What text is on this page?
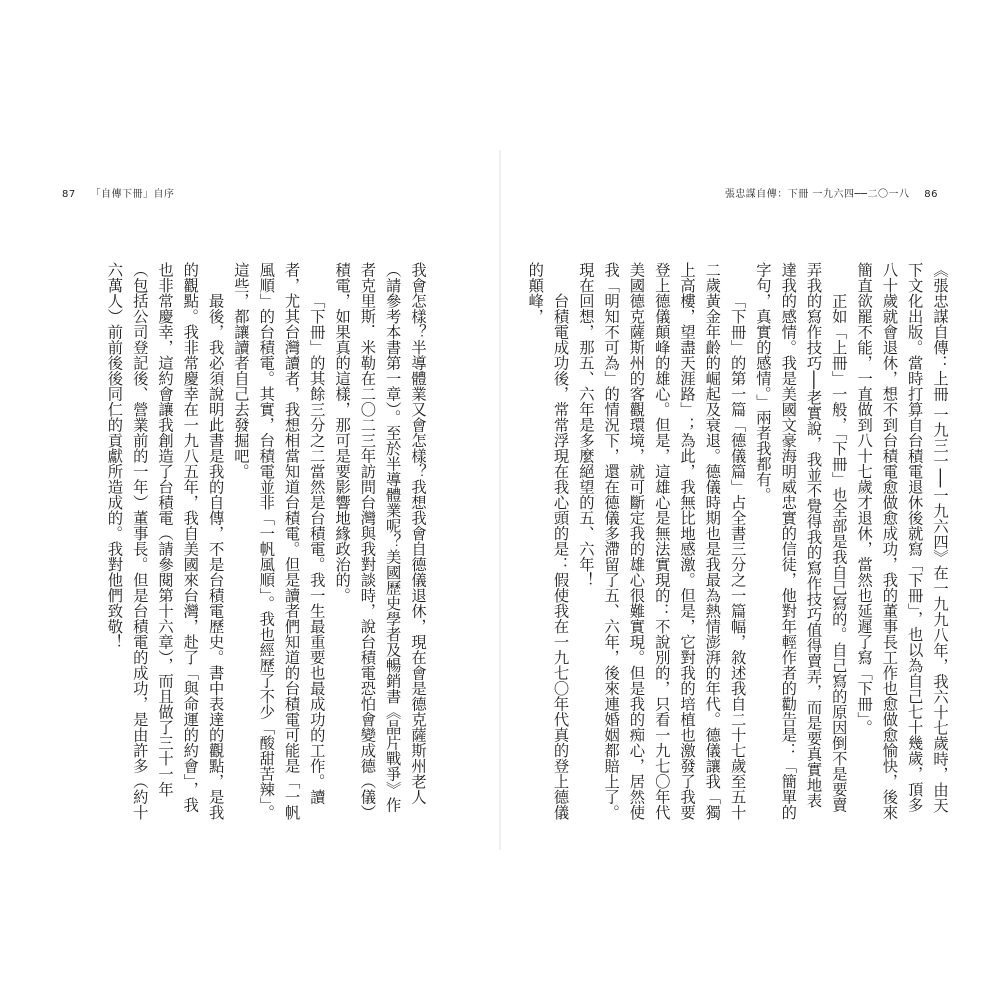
87 「自傳下冊」自序

我會怎樣？半導體業又會怎樣？我想我會自德儀退休，現在會是德克薩斯州老人（請參考本書第一章）。至於半導體業呢？美國歷史學者及暢銷書《晶片戰爭》作者克里斯．米勒在二〇二三年訪問台灣與我對談時，說台積電恐怕會變成德（儀）積電，如果真的這樣，那可是要影響地緣政治的。

「下冊」的其餘三分之二當然是台積電。我一生最重要也最成功的工作。讀者，尤其台灣讀者，我想相當知道台積電。但是讀者們知道的台積電可能是「一帆風順」的台積電。其實，台積電並非「一帆風順」。我也經歷了不少「酸甜苦辣」。這些，都讓讀者自己去發掘吧。

最後，我必須說明此書是我的自傳，不是台積電歷史。書中表達的觀點，是我的觀點。我非常慶幸在一九八五年，我自美國來台灣，赴了「與命運的約會」，我也非常慶幸，這約會讓我創造了台積電（請參閱第十六章），而且做了三十一年（包括公司登記後、營業前的一年）董事長。但是台積電的成功，是由許多（約十六萬人）前前後後同仁的貢獻所造成的。我對他們致敬！

張忠謀自傳：下冊 一九六四──二〇一八 86

《張忠謀自傳：上冊 一九三一──一九六四》在一九九八年，我六十七歲時，由天下文化出版。當時打算自台積電退休後就寫「下冊」，也以為自己七十幾歲，頂多八十歲就會退休，想不到台積電愈做愈成功，我的董事長工作也愈做愈愉快，後來簡直欲罷不能，一直做到八十七歲才退休，當然也延遲了寫「下冊」。

正如「上冊」一般，「下冊」也全部是我自己寫的。自己寫的原因倒不是要賣弄我的寫作技巧──老實說，我並不覺得我的寫作技巧值得賣弄，而是要真實地表達我的感情。我是美國文豪海明威忠實的信徒，他對年輕作者的勸告是：「簡單的字句，真實的感情。」兩者我都有。

「下冊」的第一篇「德儀篇」占全書三分之一篇幅，敘述我自二十七歲至五十二歲黃金年齡的崛起及衰退。德儀時期也是我最為熱情澎湃的年代。德儀讓我「獨上高樓，望盡天涯路」；為此，我無比地感激。但是，它對我的培植也激發了我要登上德儀顛峰的雄心。但是，這雄心是無法實現的：不說別的，只看一九七〇年代美國德克薩斯州的客觀環境，就可斷定我的雄心很難實現。但是我的痴心，居然使我「明知不可為」的情況下，還在德儀多滯留了五、六年，後來連婚姻都賠上了。現在回想，那五、六年是多麼絕望的五、六年！

台積電成功後，常常浮現在我心頭的是：假使我在一九七〇年代真的登上德儀的顛峰，
